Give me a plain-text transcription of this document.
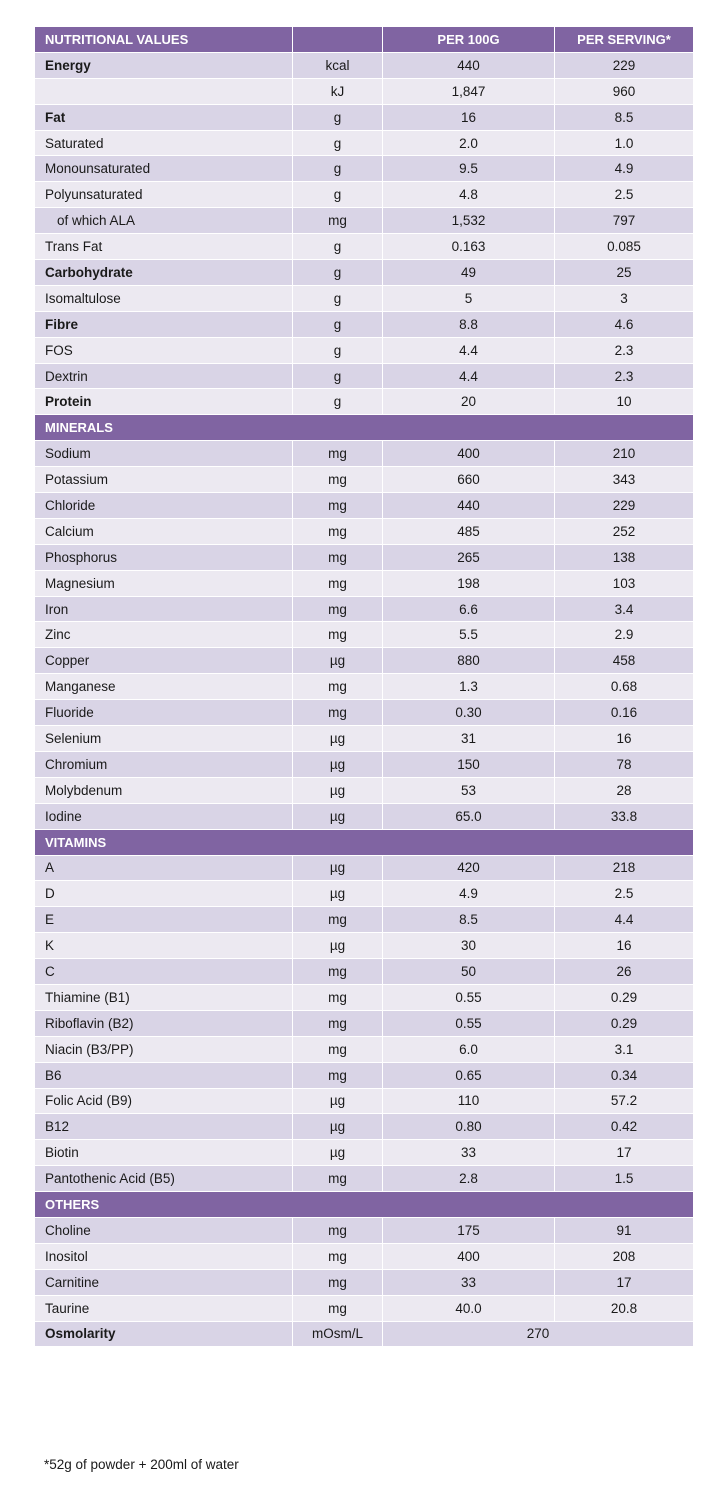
NUTRITIONAL VALUES		PER 100G	PER SERVING*
Energy	kcal	440	229
	kJ	1,847	960
Fat	g	16	8.5
Saturated	g	2.0	1.0
Monounsaturated	g	9.5	4.9
Polyunsaturated	g	4.8	2.5
of which ALA	mg	1,532	797
Trans Fat	g	0.163	0.085
Carbohydrate	g	49	25
Isomaltulose	g	5	3
Fibre	g	8.8	4.6
FOS	g	4.4	2.3
Dextrin	g	4.4	2.3
Protein	g	20	10
MINERALS			
Sodium	mg	400	210
Potassium	mg	660	343
Chloride	mg	440	229
Calcium	mg	485	252
Phosphorus	mg	265	138
Magnesium	mg	198	103
Iron	mg	6.6	3.4
Zinc	mg	5.5	2.9
Copper	µg	880	458
Manganese	mg	1.3	0.68
Fluoride	mg	0.30	0.16
Selenium	µg	31	16
Chromium	µg	150	78
Molybdenum	µg	53	28
Iodine	µg	65.0	33.8
VITAMINS			
A	µg	420	218
D	µg	4.9	2.5
E	mg	8.5	4.4
K	µg	30	16
C	mg	50	26
Thiamine (B1)	mg	0.55	0.29
Riboflavin (B2)	mg	0.55	0.29
Niacin (B3/PP)	mg	6.0	3.1
B6	mg	0.65	0.34
Folic Acid (B9)	µg	110	57.2
B12	µg	0.80	0.42
Biotin	µg	33	17
Pantothenic Acid (B5)	mg	2.8	1.5
OTHERS			
Choline	mg	175	91
Inositol	mg	400	208
Carnitine	mg	33	17
Taurine	mg	40.0	20.8
Osmolarity	mOsm/L	270	
*52g of powder + 200ml of water
